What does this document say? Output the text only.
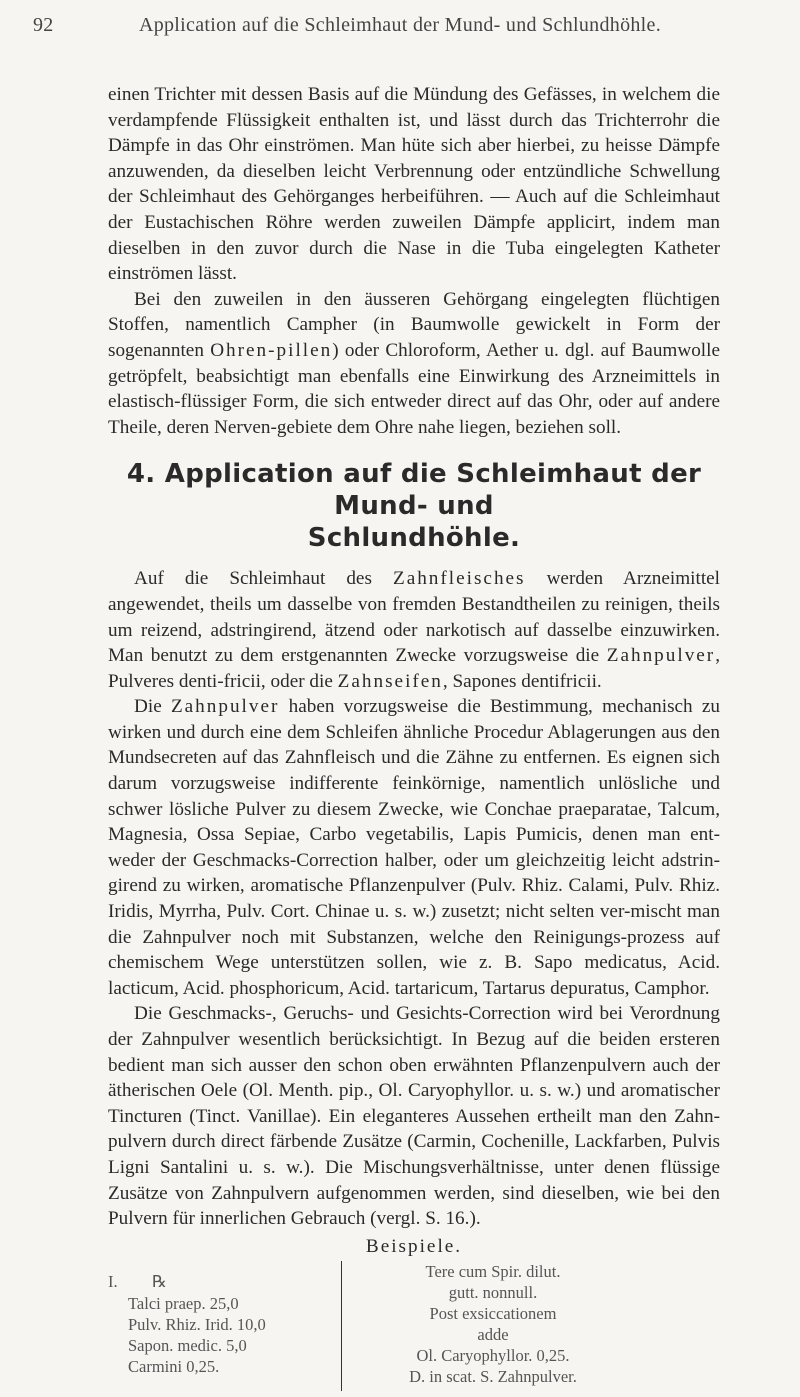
92	Application auf die Schleimhaut der Mund- und Schlundhöhle.

einen Trichter mit dessen Basis auf die Mündung des Gefässes, in welchem die verdampfende Flüssigkeit enthalten ist, und lässt durch das Trichterrohr die Dämpfe in das Ohr einströmen. Man hüte sich aber hierbei, zu heisse Dämpfe anzuwenden, da dieselben leicht Verbrennung oder entzündliche Schwellung der Schleimhaut des Gehörganges herbeiführen. — Auch auf die Schleimhaut der Eustachischen Röhre werden zuweilen Dämpfe applicirt, indem man dieselben in den zuvor durch die Nase in die Tuba eingelegten Katheter einströmen lässt.

Bei den zuweilen in den äusseren Gehörgang eingelegten flüchtigen Stoffen, namentlich Campher (in Baumwolle gewickelt in Form der sogenannten Ohren-pillen) oder Chloroform, Aether u. dgl. auf Baumwolle getröpfelt, beabsichtigt man ebenfalls eine Einwirkung des Arzneimittels in elastisch-flüssiger Form, die sich entweder direct auf das Ohr, oder auf andere Theile, deren Nerven-gebiete dem Ohre nahe liegen, beziehen soll.

4. Application auf die Schleimhaut der Mund- und
Schlundhöhle.

Auf die Schleimhaut des Zahnfleisches werden Arzneimittel angewendet, theils um dasselbe von fremden Bestandtheilen zu reinigen, theils um reizend, adstringirend, ätzend oder narkotisch auf dasselbe einzuwirken. Man benutzt zu dem erstgenannten Zwecke vorzugsweise die Zahnpulver, Pulveres denti-fricii, oder die Zahnseifen, Sapones dentifricii.

Die Zahnpulver haben vorzugsweise die Bestimmung, mechanisch zu wirken und durch eine dem Schleifen ähnliche Procedur Ablagerungen aus den Mundsecreten auf das Zahnfleisch und die Zähne zu entfernen. Es eignen sich darum vorzugsweise indifferente feinkörnige, namentlich unlösliche und schwer lösliche Pulver zu diesem Zwecke, wie Conchae praeparatae, Talcum, Magnesia, Ossa Sepiae, Carbo vegetabilis, Lapis Pumicis, denen man ent-weder der Geschmacks-Correction halber, oder um gleichzeitig leicht adstrin-girend zu wirken, aromatische Pflanzenpulver (Pulv. Rhiz. Calami, Pulv. Rhiz. Iridis, Myrrha, Pulv. Cort. Chinae u. s. w.) zusetzt; nicht selten ver-mischt man die Zahnpulver noch mit Substanzen, welche den Reinigungs-prozess auf chemischem Wege unterstützen sollen, wie z. B. Sapo medicatus, Acid. lacticum, Acid. phosphoricum, Acid. tartaricum, Tartarus depuratus, Camphor.

Die Geschmacks-, Geruchs- und Gesichts-Correction wird bei Verordnung der Zahnpulver wesentlich berücksichtigt. In Bezug auf die beiden ersteren bedient man sich ausser den schon oben erwähnten Pflanzenpulvern auch der ätherischen Oele (Ol. Menth. pip., Ol. Caryophyllor. u. s. w.) und aromatischer Tincturen (Tinct. Vanillae). Ein eleganteres Aussehen ertheilt man den Zahn-pulvern durch direct färbende Zusätze (Carmin, Cochenille, Lackfarben, Pulvis Ligni Santalini u. s. w.). Die Mischungsverhältnisse, unter denen flüssige Zusätze von Zahnpulvern aufgenommen werden, sind dieselben, wie bei den Pulvern für innerlichen Gebrauch (vergl. S. 16.).

Beispiele.
I. ℞
Talci praep. 25,0
Pulv. Rhiz. Irid. 10,0
Sapon. medic. 5,0
Carmini 0,25.
Tere cum Spir. dilut.
gutt. nonnull.
Post exsiccationem
adde
Ol. Caryophyllor. 0,25.
D. in scat. S. Zahnpulver.
